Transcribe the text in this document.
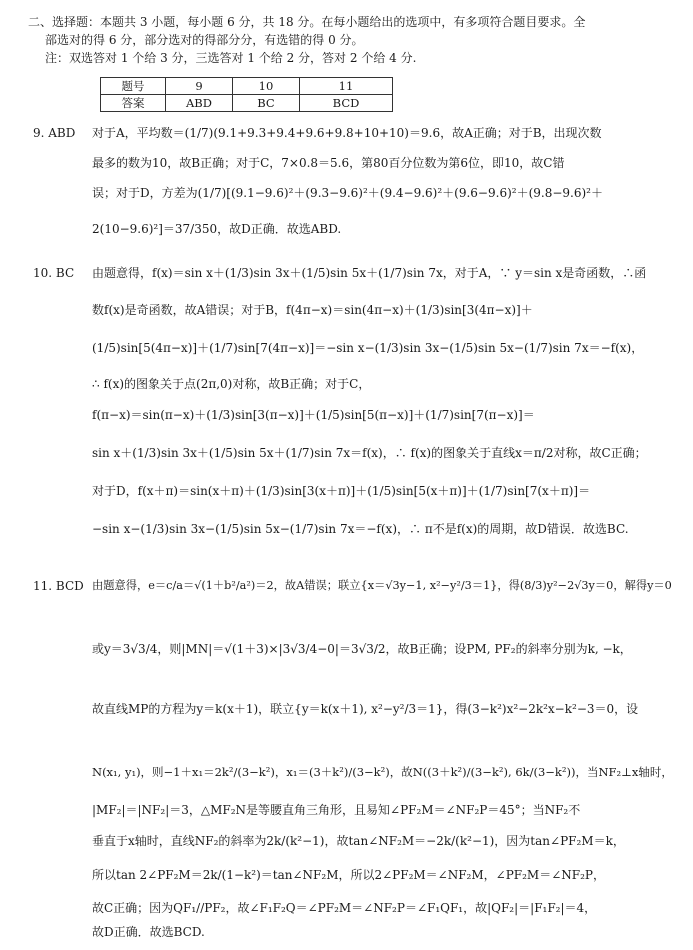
二、选择题：本题共 3 小题，每小题 6 分，共 18 分。在每小题给出的选项中，有多项符合题目要求。全
部选对的得 6 分，部分选对的得部分分，有选错的得 0 分。
注：双选答对 1 个给 3 分，三选答对 1 个给 2 分，答对 2 个给 4 分.
题号	9	10	11
答案	ABD	BC	BCD
9. ABD 对于A，平均数＝(1/7)(9.1+9.3+9.4+9.6+9.8+10+10)＝9.6，故A正确；对于B，出现次数
最多的数为10，故B正确；对于C，7×0.8＝5.6，第80百分位数为第6位，即10，故C错
误；对于D，方差为(1/7)[(9.1−9.6)²＋(9.3−9.6)²＋(9.4−9.6)²＋(9.6−9.6)²＋(9.8−9.6)²＋
2(10−9.6)²]＝37/350，故D正确．故选ABD.
10. BC 由题意得，f(x)＝sin x＋(1/3)sin 3x＋(1/5)sin 5x＋(1/7)sin 7x，对于A，∵ y＝sin x是奇函数，∴函
数f(x)是奇函数，故A错误；对于B，f(4π−x)＝sin(4π−x)＋(1/3)sin[3(4π−x)]＋
(1/5)sin[5(4π−x)]＋(1/7)sin[7(4π−x)]＝−sin x−(1/3)sin 3x−(1/5)sin 5x−(1/7)sin 7x＝−f(x)，
∴ f(x)的图象关于点(2π,0)对称，故B正确；对于C，
f(π−x)＝sin(π−x)＋(1/3)sin[3(π−x)]＋(1/5)sin[5(π−x)]＋(1/7)sin[7(π−x)]＝
sin x＋(1/3)sin 3x＋(1/5)sin 5x＋(1/7)sin 7x＝f(x)，∴ f(x)的图象关于直线x＝π/2对称，故C正确；
对于D，f(x＋π)＝sin(x＋π)＋(1/3)sin[3(x＋π)]＋(1/5)sin[5(x＋π)]＋(1/7)sin[7(x＋π)]＝
−sin x−(1/3)sin 3x−(1/5)sin 5x−(1/7)sin 7x＝−f(x)，∴ π不是f(x)的周期，故D错误．故选BC.
11. BCD 由题意得，e＝c/a＝√(1＋b²/a²)＝2，故A错误；联立{x＝√3y−1, x²−y²/3＝1}，得(8/3)y²−2√3y＝0，解得y＝0
或y＝3√3/4，则|MN|＝√(1＋3)×|3√3/4−0|＝3√3/2，故B正确；设PM, PF₂的斜率分别为k, −k，
故直线MP的方程为y＝k(x＋1)，联立{y＝k(x＋1), x²−y²/3＝1}，得(3−k²)x²−2k²x−k²−3＝0，设
N(x₁, y₁)，则−1＋x₁＝2k²/(3−k²)，x₁＝(3＋k²)/(3−k²)，故N((3＋k²)/(3−k²), 6k/(3−k²))，当NF₂⊥x轴时，
|MF₂|＝|NF₂|＝3，△MF₂N是等腰直角三角形，且易知∠PF₂M＝∠NF₂P＝45°；当NF₂不
垂直于x轴时，直线NF₂的斜率为2k/(k²−1)，故tan∠NF₂M＝−2k/(k²−1)，因为tan∠PF₂M＝k，
所以tan 2∠PF₂M＝2k/(1−k²)＝tan∠NF₂M，所以2∠PF₂M＝∠NF₂M，∠PF₂M＝∠NF₂P，
故C正确；因为QF₁//PF₂，故∠F₁F₂Q＝∠PF₂M＝∠NF₂P＝∠F₁QF₁，故|QF₂|＝|F₁F₂|＝4，
故D正确．故选BCD.
